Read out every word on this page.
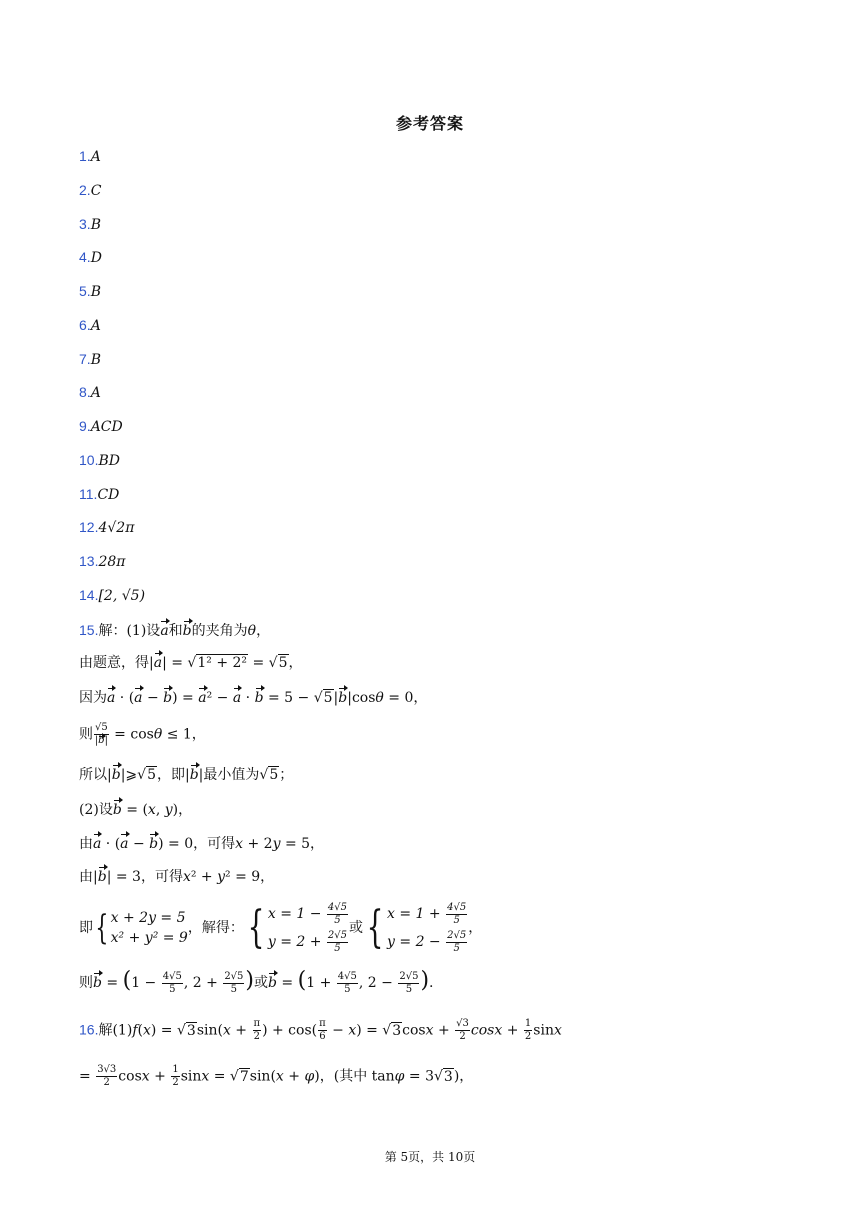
参考答案
1.A
2.C
3.B
4.D
5.B
6.A
7.B
8.A
9.ACD
10.BD
11.CD
12.4√2π
13.28π
14.[2, √5)
15.解：(1)设a和b的夹角为θ，
由题意，得|a| = √1² + 2² = √5，
因为a · (a − b) = a² − a · b = 5 − √5|b|cosθ = 0，
则 $\frac{√5}{|b|} = \cos\theta \le 1$，
所以|b|⩾√5，即|b|最小值为√5；
(2)设b = (x, y)，
由a · (a − b) = 0，可得x + 2y = 5，
由|b| = 3，可得x² + y² = 9，
即{ x + 2y = 5
x² + y² = 9，解得：{ $x = 1 - \frac{4√5}{5}$

$y = 2 + \frac{2√5}{5}$
或{ $x = 1 + \frac{4√5}{5}$

$y = 2 - \frac{2√5}{5}$
，
则$b = (1 - \frac{4√5}{5}$ , $2 + \frac{2√5}{5}$ )或$b = (1 + \frac{4√5}{5}$ , $2 - \frac{2√5}{5}$ ).
16.解$(1)f(x) = √3\sin(x + \frac{\pi}{2}$ ) + $\cos( \frac{\pi}{6} - x) = √3\cos x + \frac{√3}{2}$ $\cos x + \frac{1}{2}$ sinx
= $\frac{3√3}{2}$ $\cos x + \frac{1}{2}$ sinx = √7sin(x + φ)，(其中 tanφ = 3√3)，
第 5页，共 10页
